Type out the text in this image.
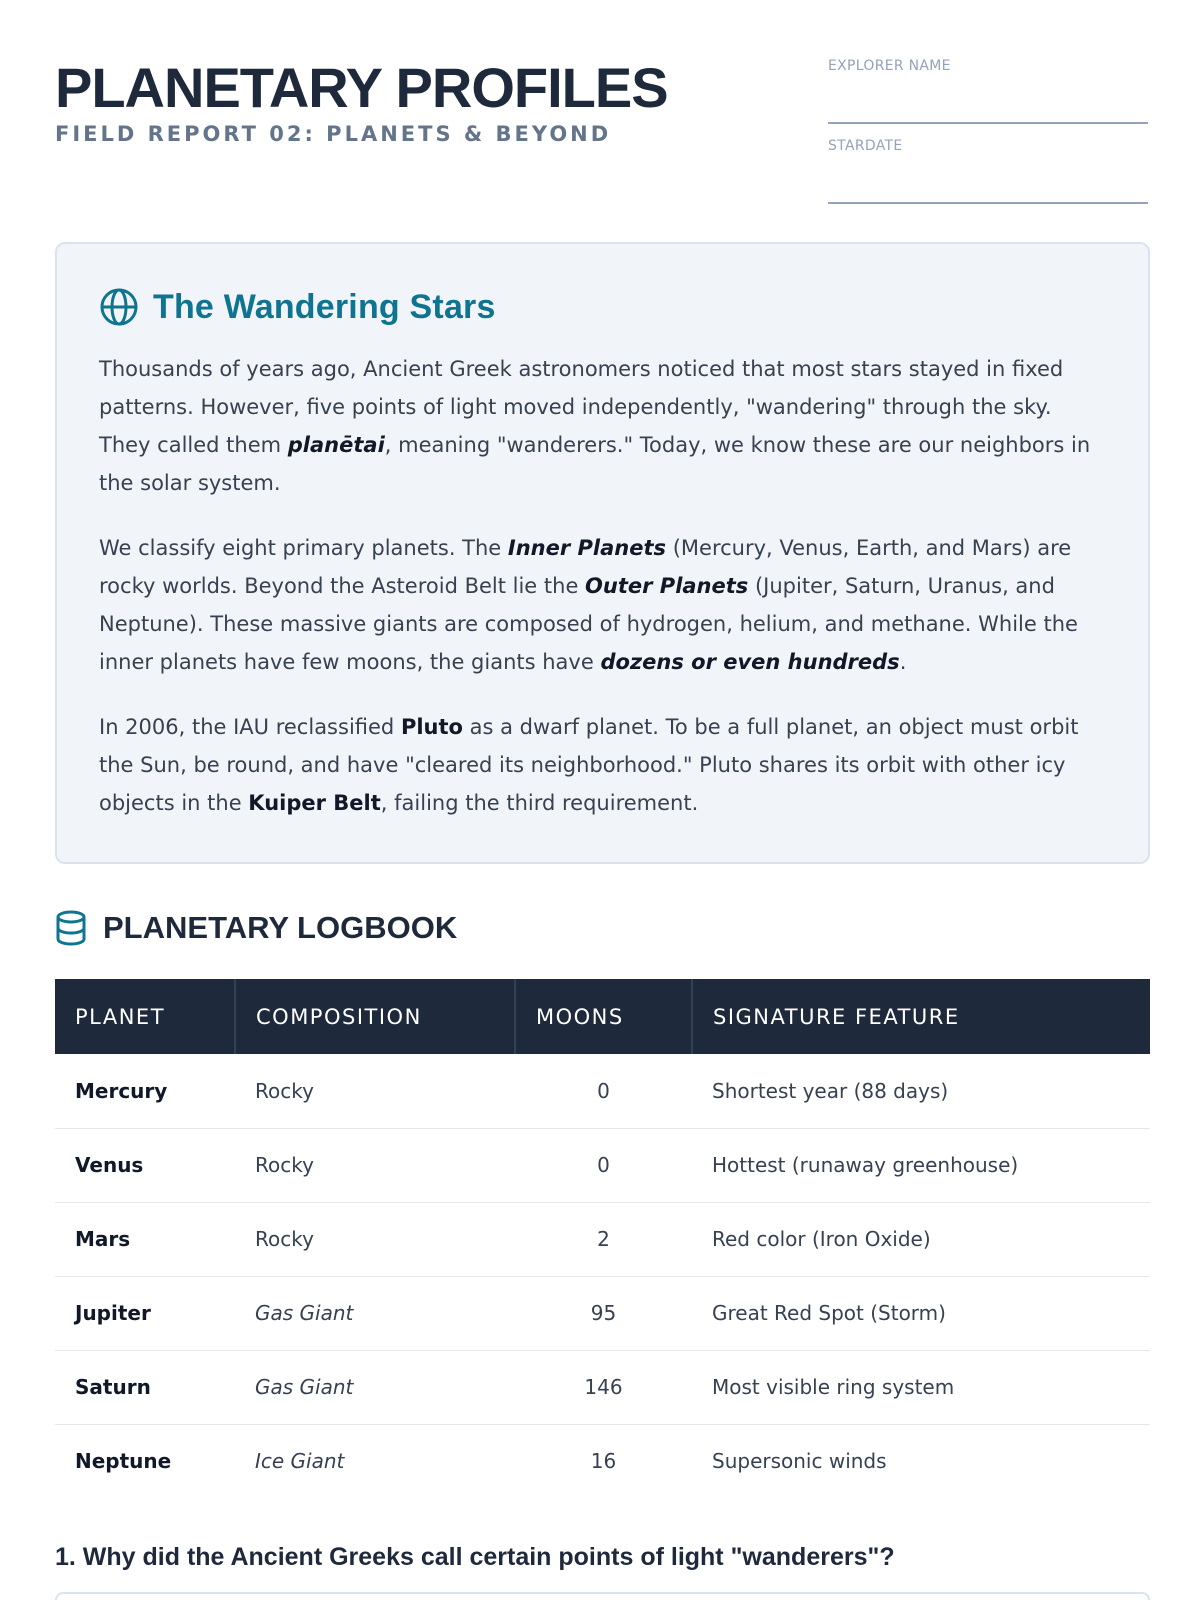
PLANETARY PROFILES
FIELD REPORT 02: PLANETS & BEYOND
EXPLORER NAME
STARDATE
The Wandering Stars

Thousands of years ago, Ancient Greek astronomers noticed that most stars stayed in fixed patterns. However, five points of light moved independently, "wandering" through the sky. They called them planētai, meaning "wanderers." Today, we know these are our neighbors in the solar system.

We classify eight primary planets. The Inner Planets (Mercury, Venus, Earth, and Mars) are rocky worlds. Beyond the Asteroid Belt lie the Outer Planets (Jupiter, Saturn, Uranus, and Neptune). These massive giants are composed of hydrogen, helium, and methane. While the inner planets have few moons, the giants have dozens or even hundreds.

In 2006, the IAU reclassified Pluto as a dwarf planet. To be a full planet, an object must orbit the Sun, be round, and have "cleared its neighborhood." Pluto shares its orbit with other icy objects in the Kuiper Belt, failing the third requirement.

PLANETARY LOGBOOK
PLANET	COMPOSITION	MOONS	SIGNATURE FEATURE
Mercury	Rocky	0	Shortest year (88 days)
Venus	Rocky	0	Hottest (runaway greenhouse)
Mars	Rocky	2	Red color (Iron Oxide)
Jupiter	Gas Giant	95	Great Red Spot (Storm)
Saturn	Gas Giant	146	Most visible ring system
Neptune	Ice Giant	16	Supersonic winds
1. Why did the Ancient Greeks call certain points of light "wanderers"?
